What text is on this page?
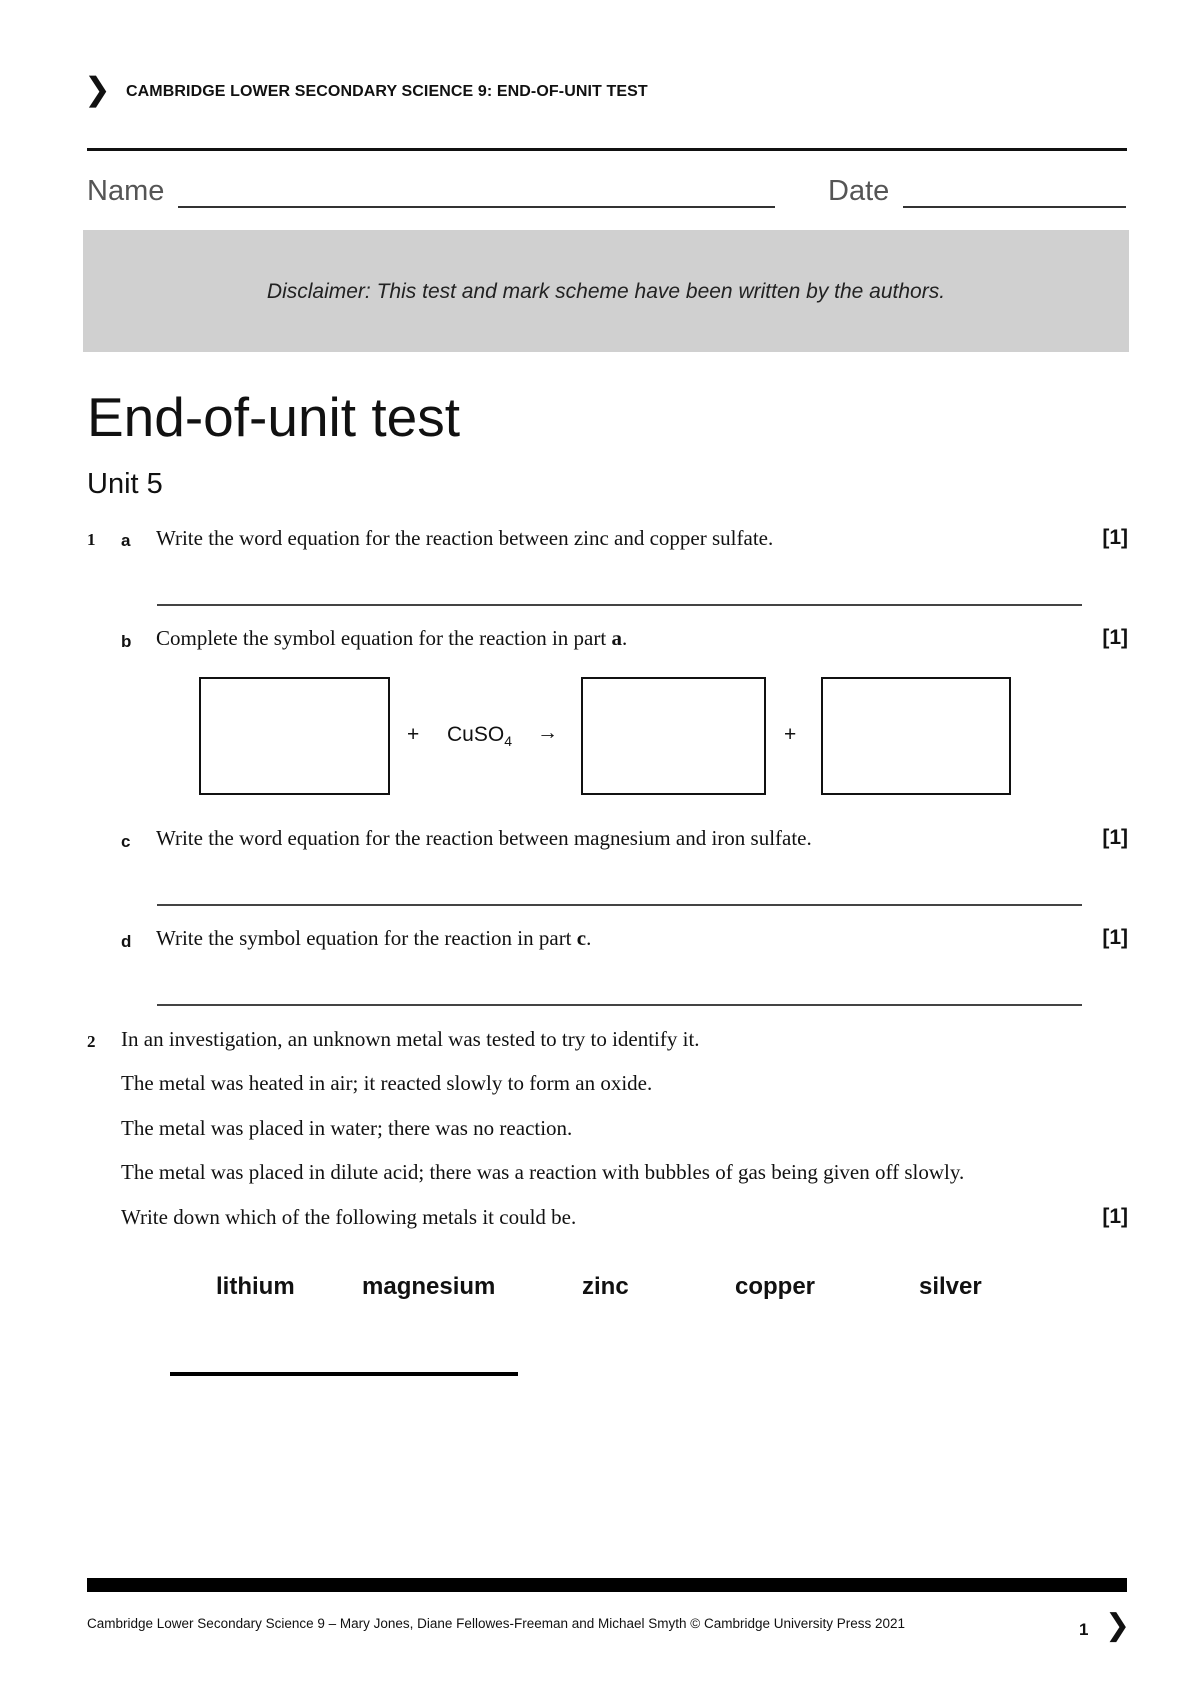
❯ CAMBRIDGE LOWER SECONDARY SCIENCE 9: END-OF-UNIT TEST
Name	Date
Disclaimer: This test and mark scheme have been written by the authors.
End-of-unit test
Unit 5
1 a Write the word equation for the reaction between zinc and copper sulfate.	[1]
b Complete the symbol equation for the reaction in part a.	[1]
+ CuSO$_4$ →	+
c Write the word equation for the reaction between magnesium and iron sulfate.	[1]
d Write the symbol equation for the reaction in part c.	[1]
2 In an investigation, an unknown metal was tested to try to identify it.
The metal was heated in air; it reacted slowly to form an oxide.
The metal was placed in water; there was no reaction.
The metal was placed in dilute acid; there was a reaction with bubbles of gas being given off slowly.
Write down which of the following metals it could be.	[1]
lithium	magnesium	zinc	copper	silver
Cambridge Lower Secondary Science 9 – Mary Jones, Diane Fellowes-Freeman and Michael Smyth © Cambridge University Press 2021	1 ❯
